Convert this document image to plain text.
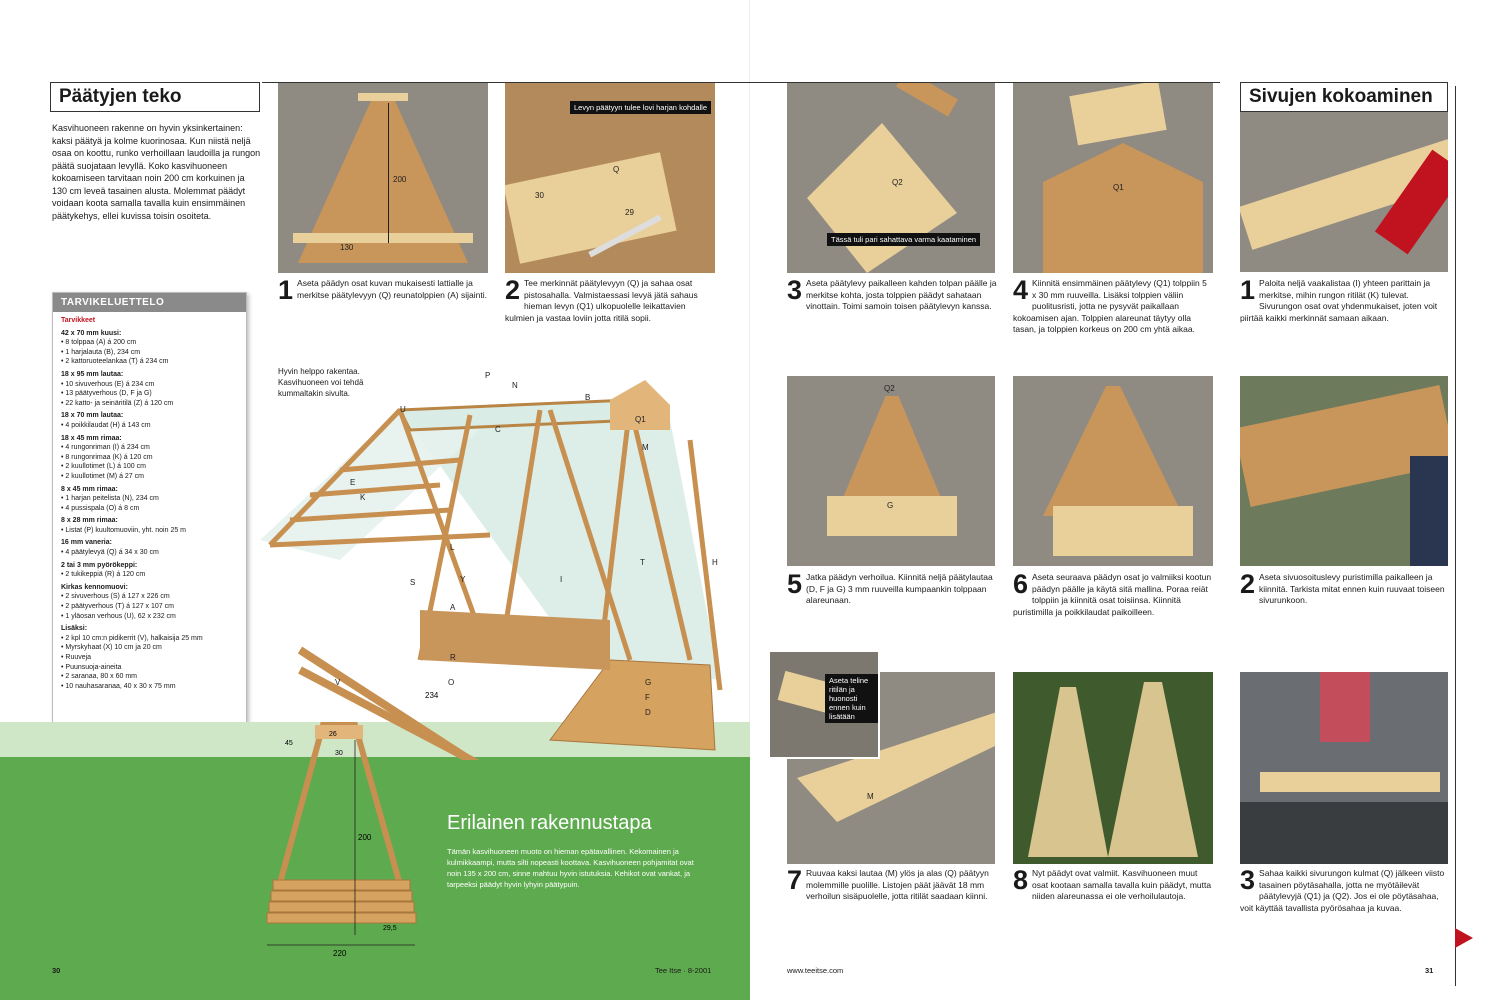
Päätyjen teko
Kasvihuoneen rakenne on hyvin yksinkertainen: kaksi päätyä ja kolme kuorinosaa. Kun niistä neljä osaa on koottu, runko verhoillaan laudoilla ja rungon päätä suojataan levyllä. Koko kasvihuoneen kokoamiseen tarvitaan noin 200 cm korkuinen ja 130 cm leveä tasainen alusta. Molemmat päädyt voidaan koota samalla tavalla kuin ensimmäinen päätykehys, ellei kuvissa toisin osoiteta.
200
130
1 Aseta päädyn osat kuvan mukaisesti lattialle ja merkitse päätylevyyn (Q) reunatolppien (A) sijainti.
Levyn päätyyn tulee lovi harjan kohdalle
Q
30
29
2 Tee merkinnät päätylevyyn (Q) ja sahaa osat pistosahalla. Valmistaessasi levyä jätä sahaus hieman levyn (Q1) ulkopuolelle leikattavien kulmien ja vastaa loviin jotta ritilä sopii.
TARVIKELUETTELO
Tarvikkeet
42 x 70 mm kuusi:
• 8 tolppaa (A) á 200 cm
• 1 harjalauta (B), 234 cm
• 2 kattoruoteelankaa (T) á 234 cm
18 x 95 mm lautaa:
• 10 sivuverhous (E) á 234 cm
• 13 päätyverhous (D, F ja G)
• 22 katto- ja seinäritilä (Z) á 120 cm
18 x 70 mm lautaa:
• 4 poikkilaudat (H) á 143 cm
18 x 45 mm rimaa:
• 4 rungonriman (I) á 234 cm
• 8 rungonrimaa (K) á 120 cm
• 2 kuullotimet (L) á 100 cm
• 2 kuullotimet (M) á 27 cm
8 x 45 mm rimaa:
• 1 harjan peitelista (N), 234 cm
• 4 pussispala (O) á 8 cm
8 x 28 mm rimaa:
• Listat (P) kuultomuoviin, yht. noin 25 m
16 mm vaneria:
• 4 päätylevyä (Q) á 34 x 30 cm
2 tai 3 mm pyörökeppi:
• 2 tukikeppiä (R) á 120 cm
Kirkas kennomuovi:
• 2 sivuverhous (S) á 127 x 226 cm
• 2 päätyverhous (T) á 127 x 107 cm
• 1 yläosan verhous (U), 62 x 232 cm
Lisäksi:
• 2 kpl 10 cm:n pidikerrit (V), halkaisija 25 mm
• Myrskyhaat (X) 10 cm ja 20 cm
• Ruuveja
• Puunsuoja-aineita
• 2 saranaa, 80 x 60 mm
• 10 nauhasaranaa, 40 x 30 x 75 mm
Hyvin helppo rakentaa. Kasvihuoneen voi tehdä kummaltakin sivulta.
P
N
U
B
C
Q1
M
E
K
L
S	Y
T	H
A
G
F
D
O
V
R
I
234
200
220
26
30
45
29,5
Erilainen rakennustapa
Tämän kasvihuoneen muoto on hieman epätavallinen. Kekomainen ja kulmikkaampi, mutta silti nopeasti koottava. Kasvihuoneen pohjamitat ovat noin 135 x 200 cm, sinne mahtuu hyvin istutuksia. Kehikot ovat vankat, ja tarpeeksi päädyt hyvin lyhyin päätypuin.
30	Tee Itse · 8-2001
Sivujen kokoaminen
Q2
Tässä tuli pari sahattava varma kaataminen
Q1
3 Aseta päätylevy paikalleen kahden tolpan päälle ja merkitse kohta, josta tolppien päädyt sahataan vinottain. Toimi samoin toisen päätylevyn kanssa.
4 Kiinnitä ensimmäinen päätylevy (Q1) tolppiin 5 x 30 mm ruuveilla. Lisäksi tolppien väliin puolitusristi, jotta ne pysyvät paikallaan kokoamisen ajan. Tolppien alareunat täytyy olla tasan, ja tolppien korkeus on 200 cm yhtä aikaa.
1 Paloita neljä vaakalistaa (I) yhteen parittain ja merkitse, mihin rungon ritilät (K) tulevat. Sivurungon osat ovat yhdenmukaiset, joten voit piirtää kaikki merkinnät samaan aikaan.
Q2
G
5 Jatka päädyn verhoilua. Kiinnitä neljä päätylautaa (D, F ja G) 3 mm ruuveilla kumpaankin tolppaan alareunaan.
6 Aseta seuraava päädyn osat jo valmiiksi kootun päädyn päälle ja käytä sitä mallina. Poraa reiät tolppiin ja kiinnitä osat toisiinsa. Kiinnitä puristimilla ja poikkilaudat paikoilleen.
2 Aseta sivuosoituslevy puristimilla paikalleen ja kiinnitä. Tarkista mitat ennen kuin ruuvaat toiseen sivurunkoon.
M
Aseta teline ritilän ja huonosti ennen kuin lisätään
7 Ruuvaa kaksi lautaa (M) ylös ja alas (Q) päätyyn molemmille puolille. Listojen päät jäävät 18 mm verhoilun sisäpuolelle, jotta ritilät saadaan kiinni.
8 Nyt päädyt ovat valmiit. Kasvihuoneen muut osat kootaan samalla tavalla kuin päädyt, mutta niiden alareunassa ei ole verhoilulautoja.
3 Sahaa kaikki sivurungon kulmat (Q) jälkeen viisto tasainen pöytäsahalla, jotta ne myötäilevät päätylevyjä (Q1) ja (Q2). Jos ei ole pöytäsahaa, voit käyttää tavallista pyörösahaa ja kuvaa.
www.teeitse.com	31
